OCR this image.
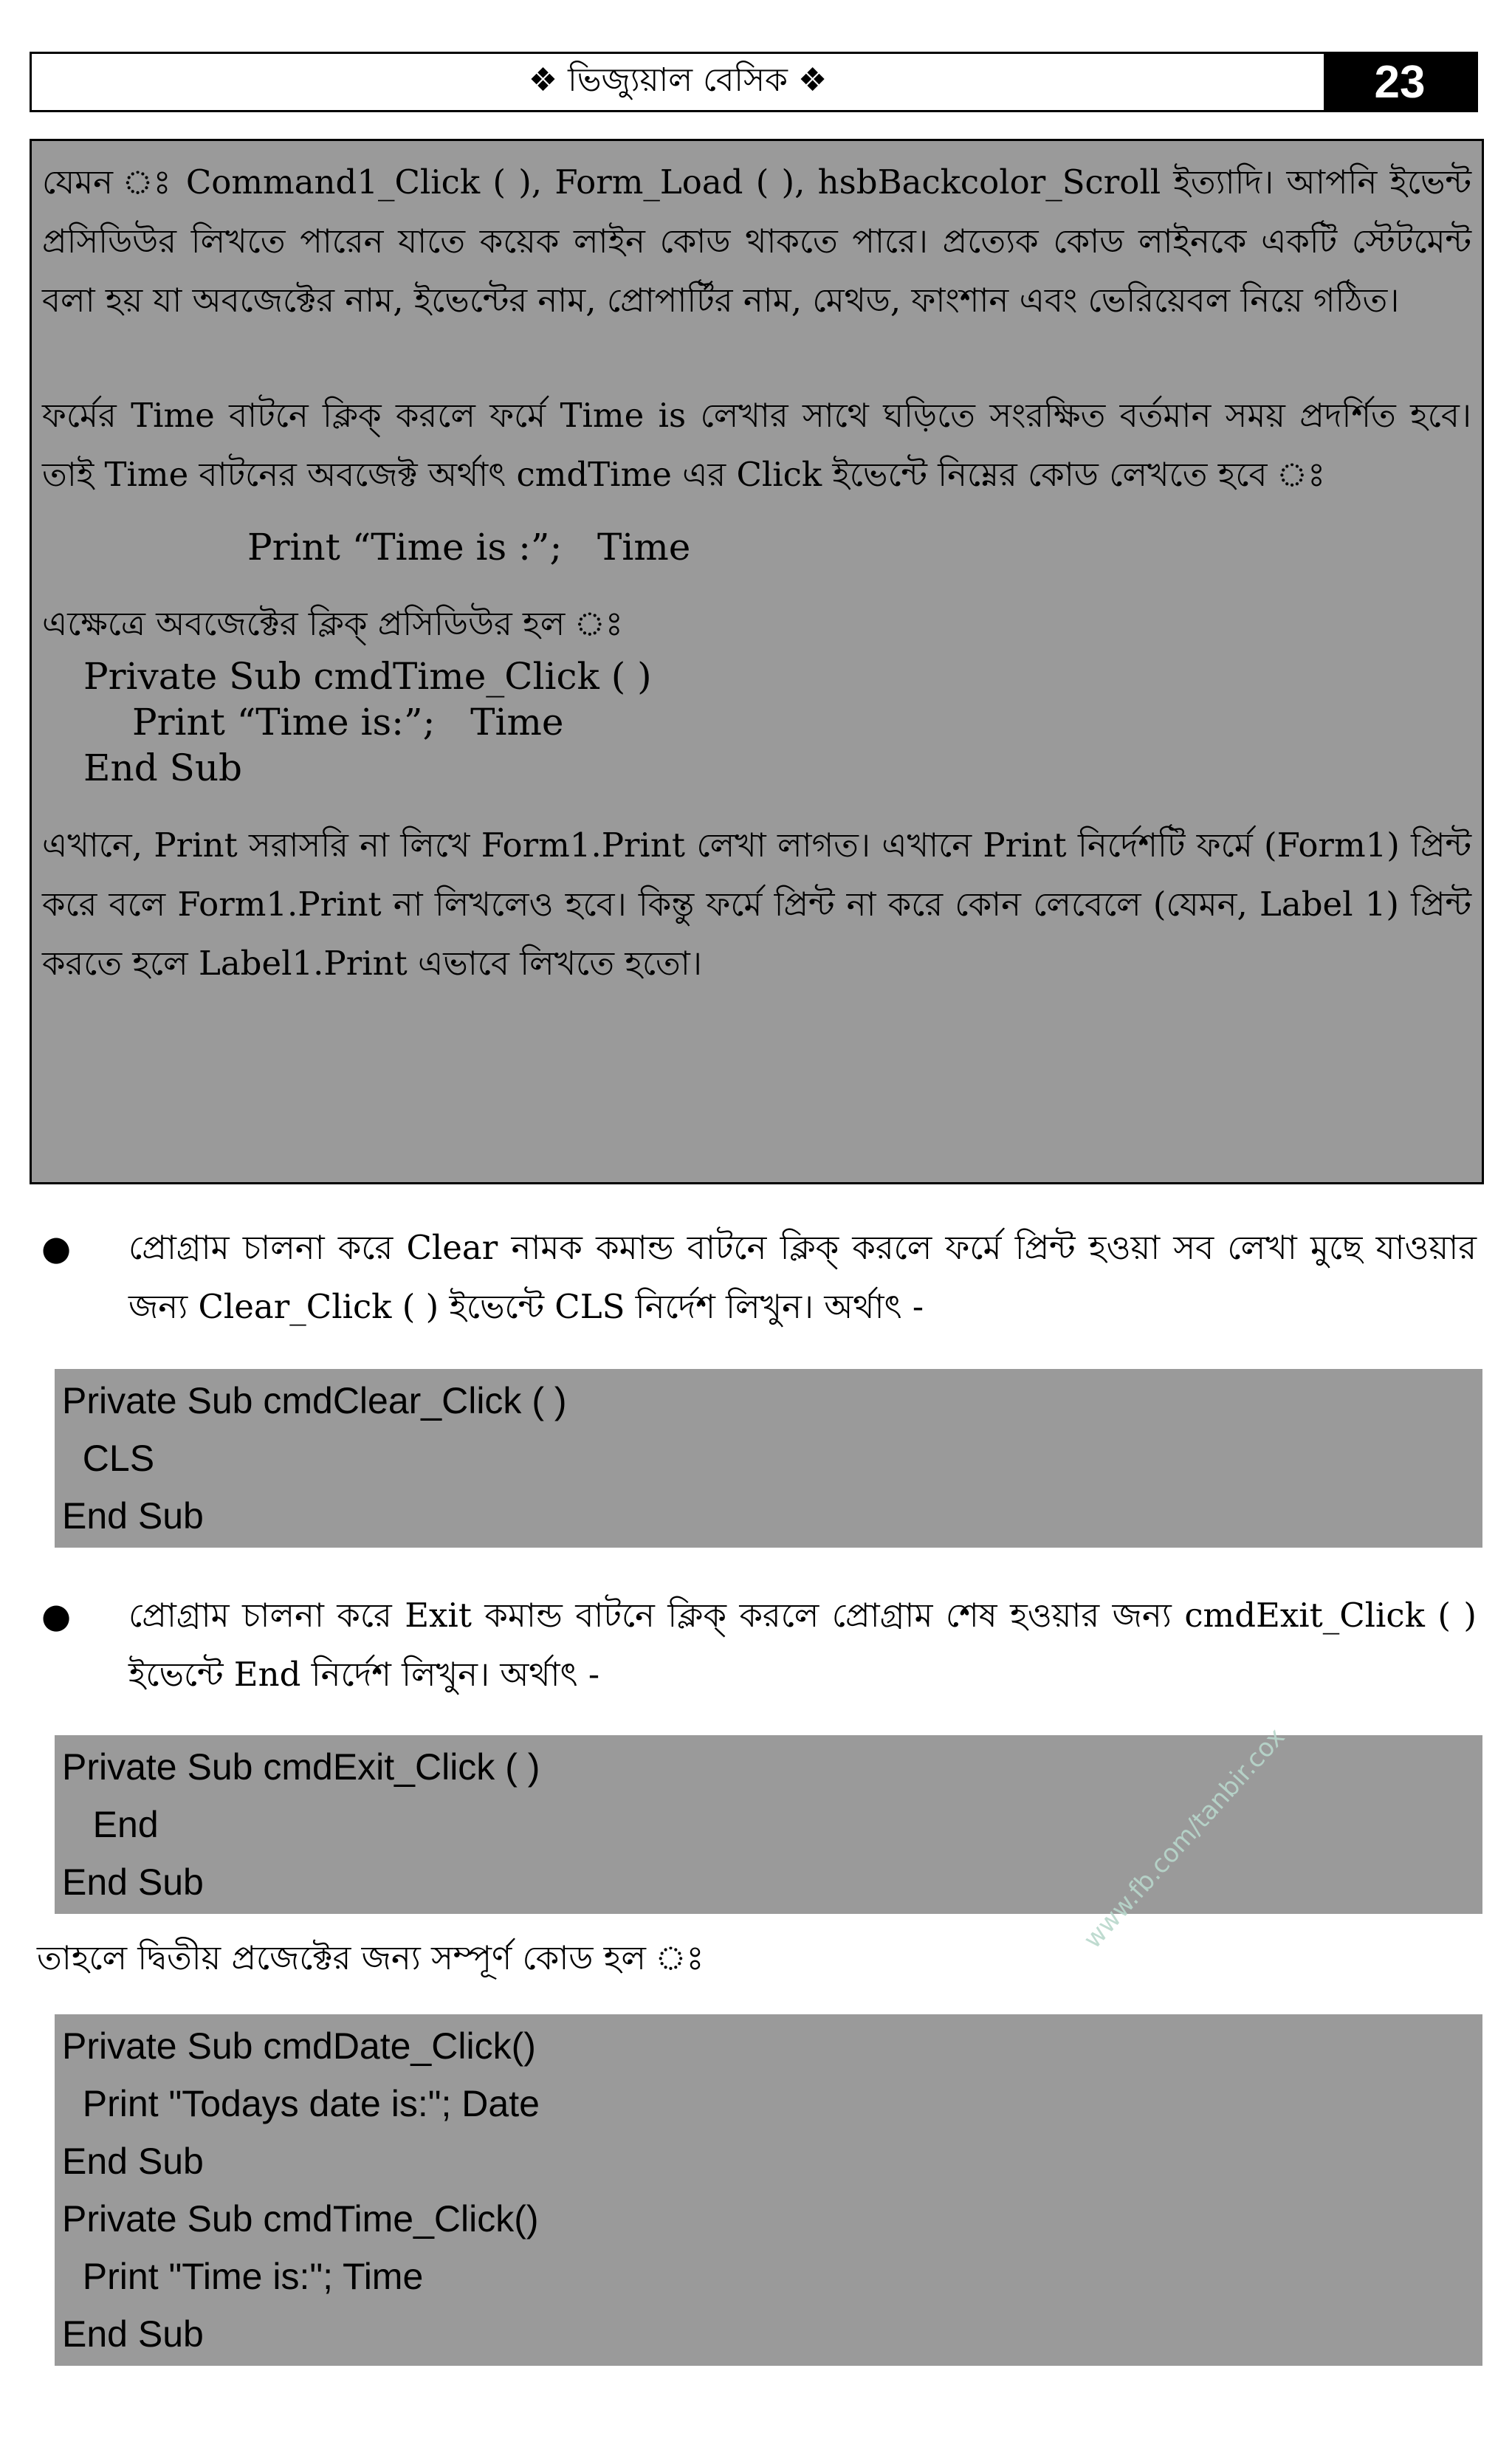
❖ ভিজ্যুয়াল বেসিক ❖	23

যেমন ঃ Command1_Click ( ), Form_Load ( ), hsbBackcolor_Scroll ইত্যাদি। আপনি ইভেন্ট প্রসিডিউর লিখতে পারেন যাতে কয়েক লাইন কোড থাকতে পারে। প্রত্যেক কোড লাইনকে একটি স্টেটমেন্ট বলা হয় যা অবজেক্টের নাম, ইভেন্টের নাম, প্রোপার্টির নাম, মেথড, ফাংশান এবং ভেরিয়েবল নিয়ে গঠিত।

ফর্মের Time বাটনে ক্লিক্ করলে ফর্মে Time is লেখার সাথে ঘড়িতে সংরক্ষিত বর্তমান সময় প্রদর্শিত হবে। তাই Time বাটনের অবজেক্ট অর্থাৎ cmdTime এর Click ইভেন্টে নিম্নের কোড লেখতে হবে ঃ

Print “Time is :”;   Time

এক্ষেত্রে অবজেক্টের ক্লিক্ প্রসিডিউর হল ঃ

Private Sub cmdTime_Click ( )

Print “Time is:”;   Time

End Sub

এখানে, Print সরাসরি না লিখে Form1.Print লেখা লাগত। এখানে Print নির্দেশটি ফর্মে (Form1) প্রিন্ট করে বলে Form1.Print না লিখলেও হবে। কিন্তু ফর্মে প্রিন্ট না করে কোন লেবেলে (যেমন, Label 1) প্রিন্ট করতে হলে Label1.Print এভাবে লিখতে হতো।

●	প্রোগ্রাম চালনা করে Clear নামক কমান্ড বাটনে ক্লিক্ করলে ফর্মে প্রিন্ট হওয়া সব লেখা মুছে যাওয়ার জন্য Clear_Click ( ) ইভেন্টে CLS নির্দেশ লিখুন। অর্থাৎ -

Private Sub cmdClear_Click ( )

CLS

End Sub

●	প্রোগ্রাম চালনা করে Exit কমান্ড বাটনে ক্লিক্ করলে প্রোগ্রাম শেষ হওয়ার জন্য cmdExit_Click ( ) ইভেন্টে End নির্দেশ লিখুন। অর্থাৎ -

Private Sub cmdExit_Click ( )

End

End Sub

তাহলে দ্বিতীয় প্রজেক্টের জন্য সম্পূর্ণ কোড হল ঃ

Private Sub cmdDate_Click()

Print "Todays date is:"; Date

End Sub

Private Sub cmdTime_Click()

Print "Time is:"; Time

End Sub

www.fb.com/tanbir.cox
